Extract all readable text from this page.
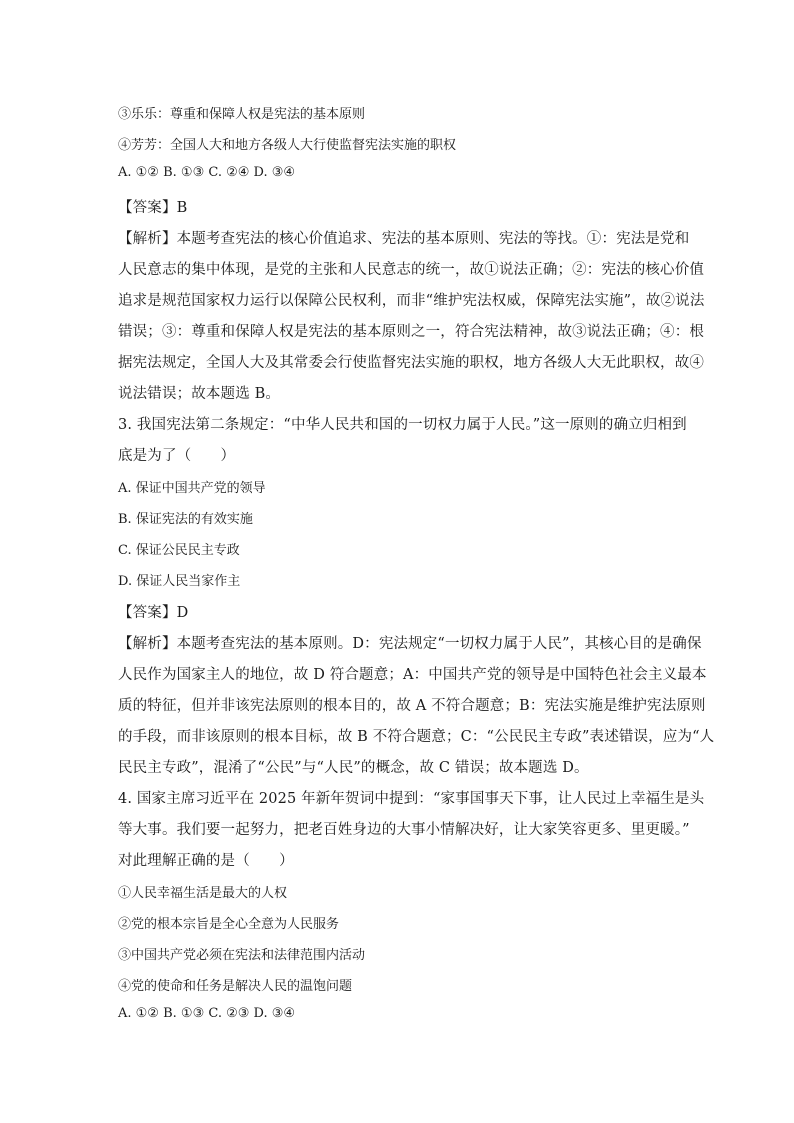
③乐乐：尊重和保障人权是宪法的基本原则
④芳芳：全国人大和地方各级人大行使监督宪法实施的职权
A. ①② B. ①③ C. ②④ D. ③④
【答案】B
【解析】本题考查宪法的核心价值追求、宪法的基本原则、宪法的等找。①：宪法是党和
人民意志的集中体现，是党的主张和人民意志的统一，故①说法正确；②：宪法的核心价值
追求是规范国家权力运行以保障公民权利，而非“维护宪法权威，保障宪法实施”，故②说法
错误；③：尊重和保障人权是宪法的基本原则之一，符合宪法精神，故③说法正确；④：根
据宪法规定，全国人大及其常委会行使监督宪法实施的职权，地方各级人大无此职权，故④
说法错误；故本题选 B。
3. 我国宪法第二条规定：“中华人民共和国的一切权力属于人民。”这一原则的确立归相到
底是为了（　　）
A. 保证中国共产党的领导
B. 保证宪法的有效实施
C. 保证公民民主专政
D. 保证人民当家作主
【答案】D
【解析】本题考查宪法的基本原则。D：宪法规定“一切权力属于人民”，其核心目的是确保
人民作为国家主人的地位，故 D 符合题意；A：中国共产党的领导是中国特色社会主义最本
质的特征，但并非该宪法原则的根本目的，故 A 不符合题意；B：宪法实施是维护宪法原则
的手段，而非该原则的根本目标，故 B 不符合题意；C：“公民民主专政”表述错误，应为“人
民民主专政”，混淆了“公民”与“人民”的概念，故 C 错误；故本题选 D。
4. 国家主席习近平在 2025 年新年贺词中提到：“家事国事天下事，让人民过上幸福生是头
等大事。我们要一起努力，把老百姓身边的大事小情解决好，让大家笑容更多、里更暖。”
对此理解正确的是（　　）
①人民幸福生活是最大的人权
②党的根本宗旨是全心全意为人民服务
③中国共产党必须在宪法和法律范围内活动
④党的使命和任务是解决人民的温饱问题
A. ①② B. ①③ C. ②③ D. ③④
